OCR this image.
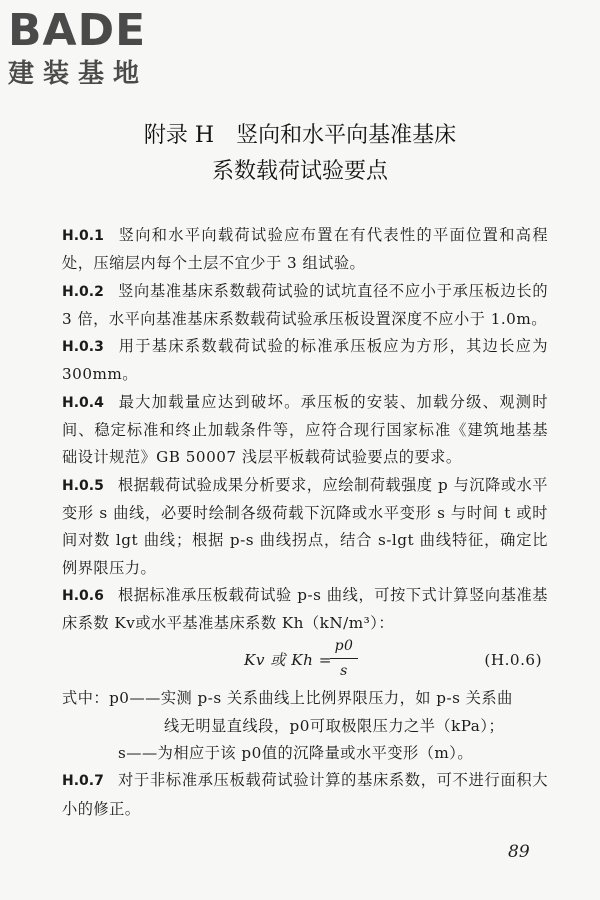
BADE
建装基地
附录 H　竖向和水平向基准基床
系数载荷试验要点

H.0.1 竖向和水平向载荷试验应布置在有代表性的平面位置和高程处，压缩层内每个土层不宜少于 3 组试验。

H.0.2 竖向基准基床系数载荷试验的试坑直径不应小于承压板边长的 3 倍，水平向基准基床系数载荷试验承压板设置深度不应小于 1.0m。

H.0.3 用于基床系数载荷试验的标准承压板应为方形，其边长应为 300mm。

H.0.4 最大加载量应达到破坏。承压板的安装、加载分级、观测时间、稳定标准和终止加载条件等，应符合现行国家标准《建筑地基基础设计规范》GB 50007 浅层平板载荷试验要点的要求。

H.0.5 根据载荷试验成果分析要求，应绘制荷载强度 p 与沉降或水平变形 s 曲线，必要时绘制各级荷载下沉降或水平变形 s 与时间 t 或时间对数 lgt 曲线；根据 p-s 曲线拐点，结合 s-lgt 曲线特征，确定比例界限压力。

H.0.6 根据标准承压板载荷试验 p-s 曲线，可按下式计算竖向基准基床系数 Kv或水平基准基床系数 Kh（kN/m³）：

Kv 或 Kh =
p0
s
(H.0.6)

式中：p0——实测 p-s 关系曲线上比例界限压力，如 p-s 关系曲
线无明显直线段，p0可取极限压力之半（kPa）；
s——为相应于该 p0值的沉降量或水平变形（m）。

H.0.7 对于非标准承压板载荷试验计算的基床系数，可不进行面积大小的修正。

89
